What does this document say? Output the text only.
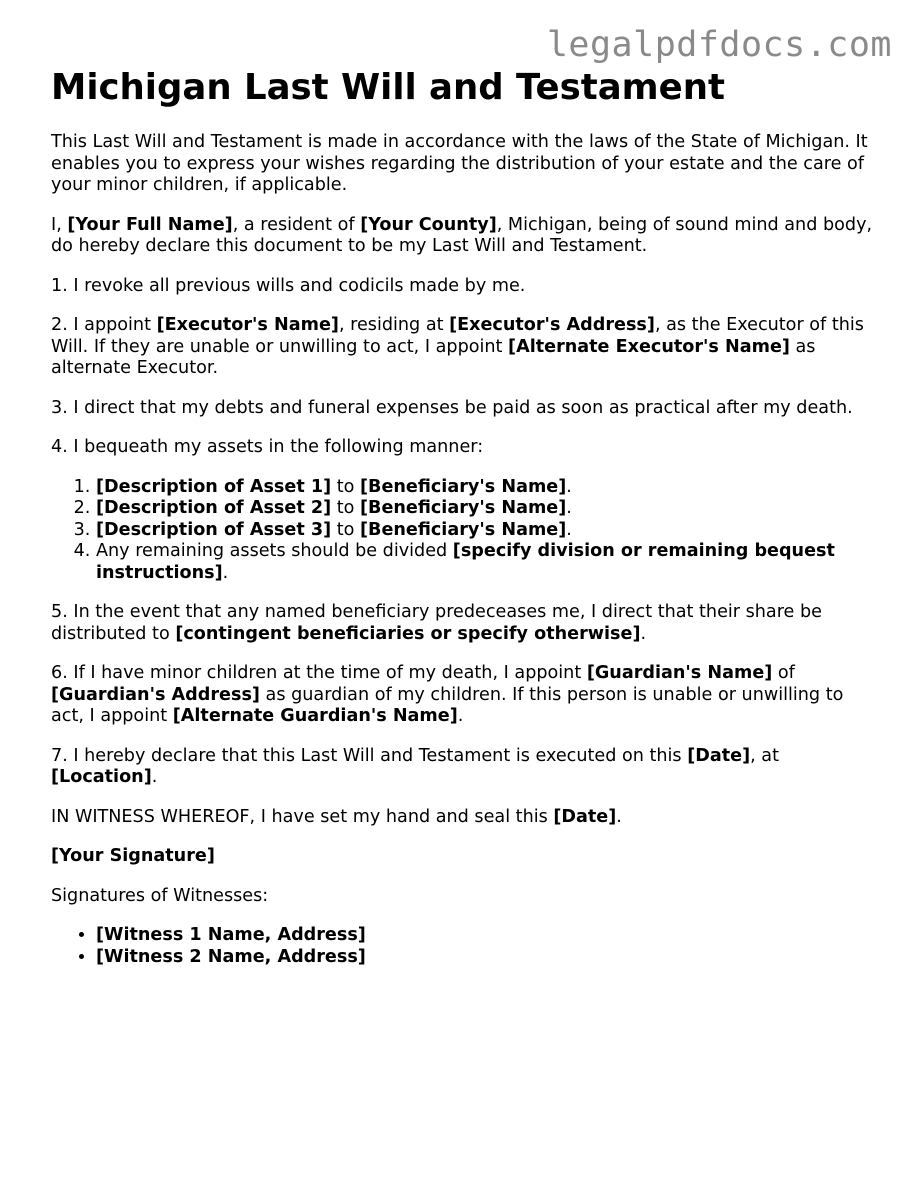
legalpdfdocs.com
Michigan Last Will and Testament

This Last Will and Testament is made in accordance with the laws of the State of Michigan. It enables you to express your wishes regarding the distribution of your estate and the care of your minor children, if applicable.

I, [Your Full Name], a resident of [Your County], Michigan, being of sound mind and body, do hereby declare this document to be my Last Will and Testament.

1. I revoke all previous wills and codicils made by me.

2. I appoint [Executor's Name], residing at [Executor's Address], as the Executor of this Will. If they are unable or unwilling to act, I appoint [Alternate Executor's Name] as alternate Executor.

3. I direct that my debts and funeral expenses be paid as soon as practical after my death.

4. I bequeath my assets in the following manner:

1. [Description of Asset 1] to [Beneficiary's Name].
2. [Description of Asset 2] to [Beneficiary's Name].
3. [Description of Asset 3] to [Beneficiary's Name].
4. Any remaining assets should be divided [specify division or remaining bequest instructions].

5. In the event that any named beneficiary predeceases me, I direct that their share be distributed to [contingent beneficiaries or specify otherwise].

6. If I have minor children at the time of my death, I appoint [Guardian's Name] of [Guardian's Address] as guardian of my children. If this person is unable or unwilling to act, I appoint [Alternate Guardian's Name].

7. I hereby declare that this Last Will and Testament is executed on this [Date], at [Location].

IN WITNESS WHEREOF, I have set my hand and seal this [Date].

[Your Signature]

Signatures of Witnesses:

• [Witness 1 Name, Address]
• [Witness 2 Name, Address]
